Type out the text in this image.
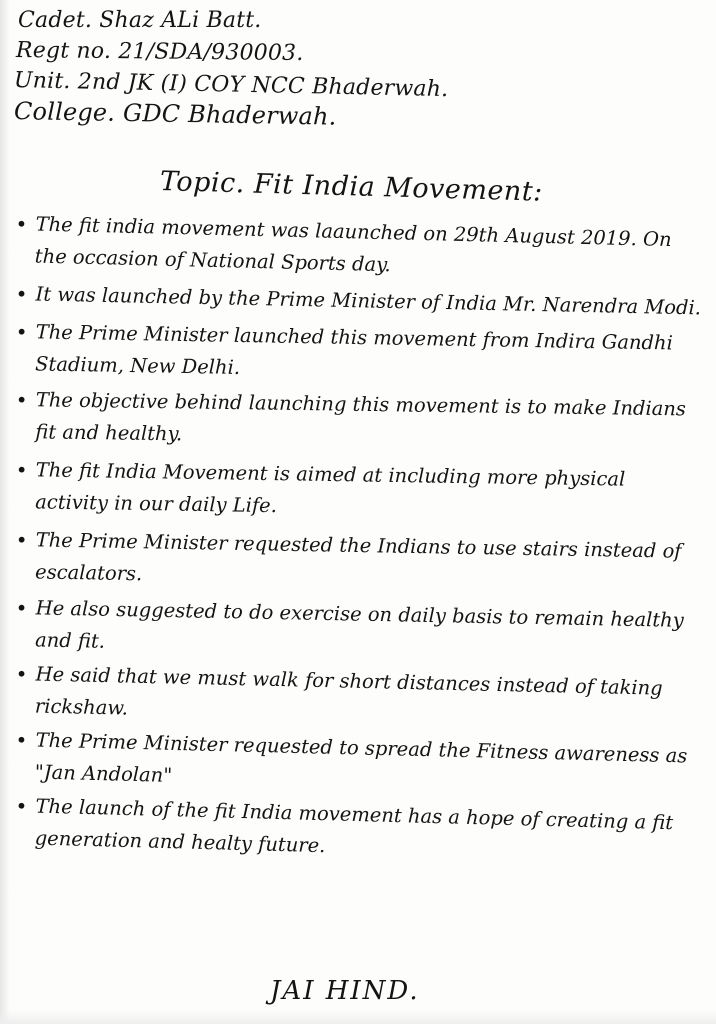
Cadet. Shaz ALi Batt.
Regt no. 21/SDA/930003.
Unit. 2nd JK (I) COY NCC Bhaderwah.
College. GDC Bhaderwah.
Topic. Fit India Movement:
• The fit india movement was laaunched on 29th August 2019. On the occasion of National Sports day.
• It was launched by the Prime Minister of India Mr. Narendra Modi.
• The Prime Minister launched this movement from Indira Gandhi Stadium, New Delhi.
• The objective behind launching this movement is to make Indians fit and healthy.
• The fit India Movement is aimed at including more physical activity in our daily Life.
• The Prime Minister requested the Indians to use stairs instead of escalators.
• He also suggested to do exercise on daily basis to remain healthy and fit.
• He said that we must walk for short distances instead of taking rickshaw.
• The Prime Minister requested to spread the Fitness awareness as "Jan Andolan"
• The launch of the fit India movement has a hope of creating a fit generation and healty future.
JAI HIND.
